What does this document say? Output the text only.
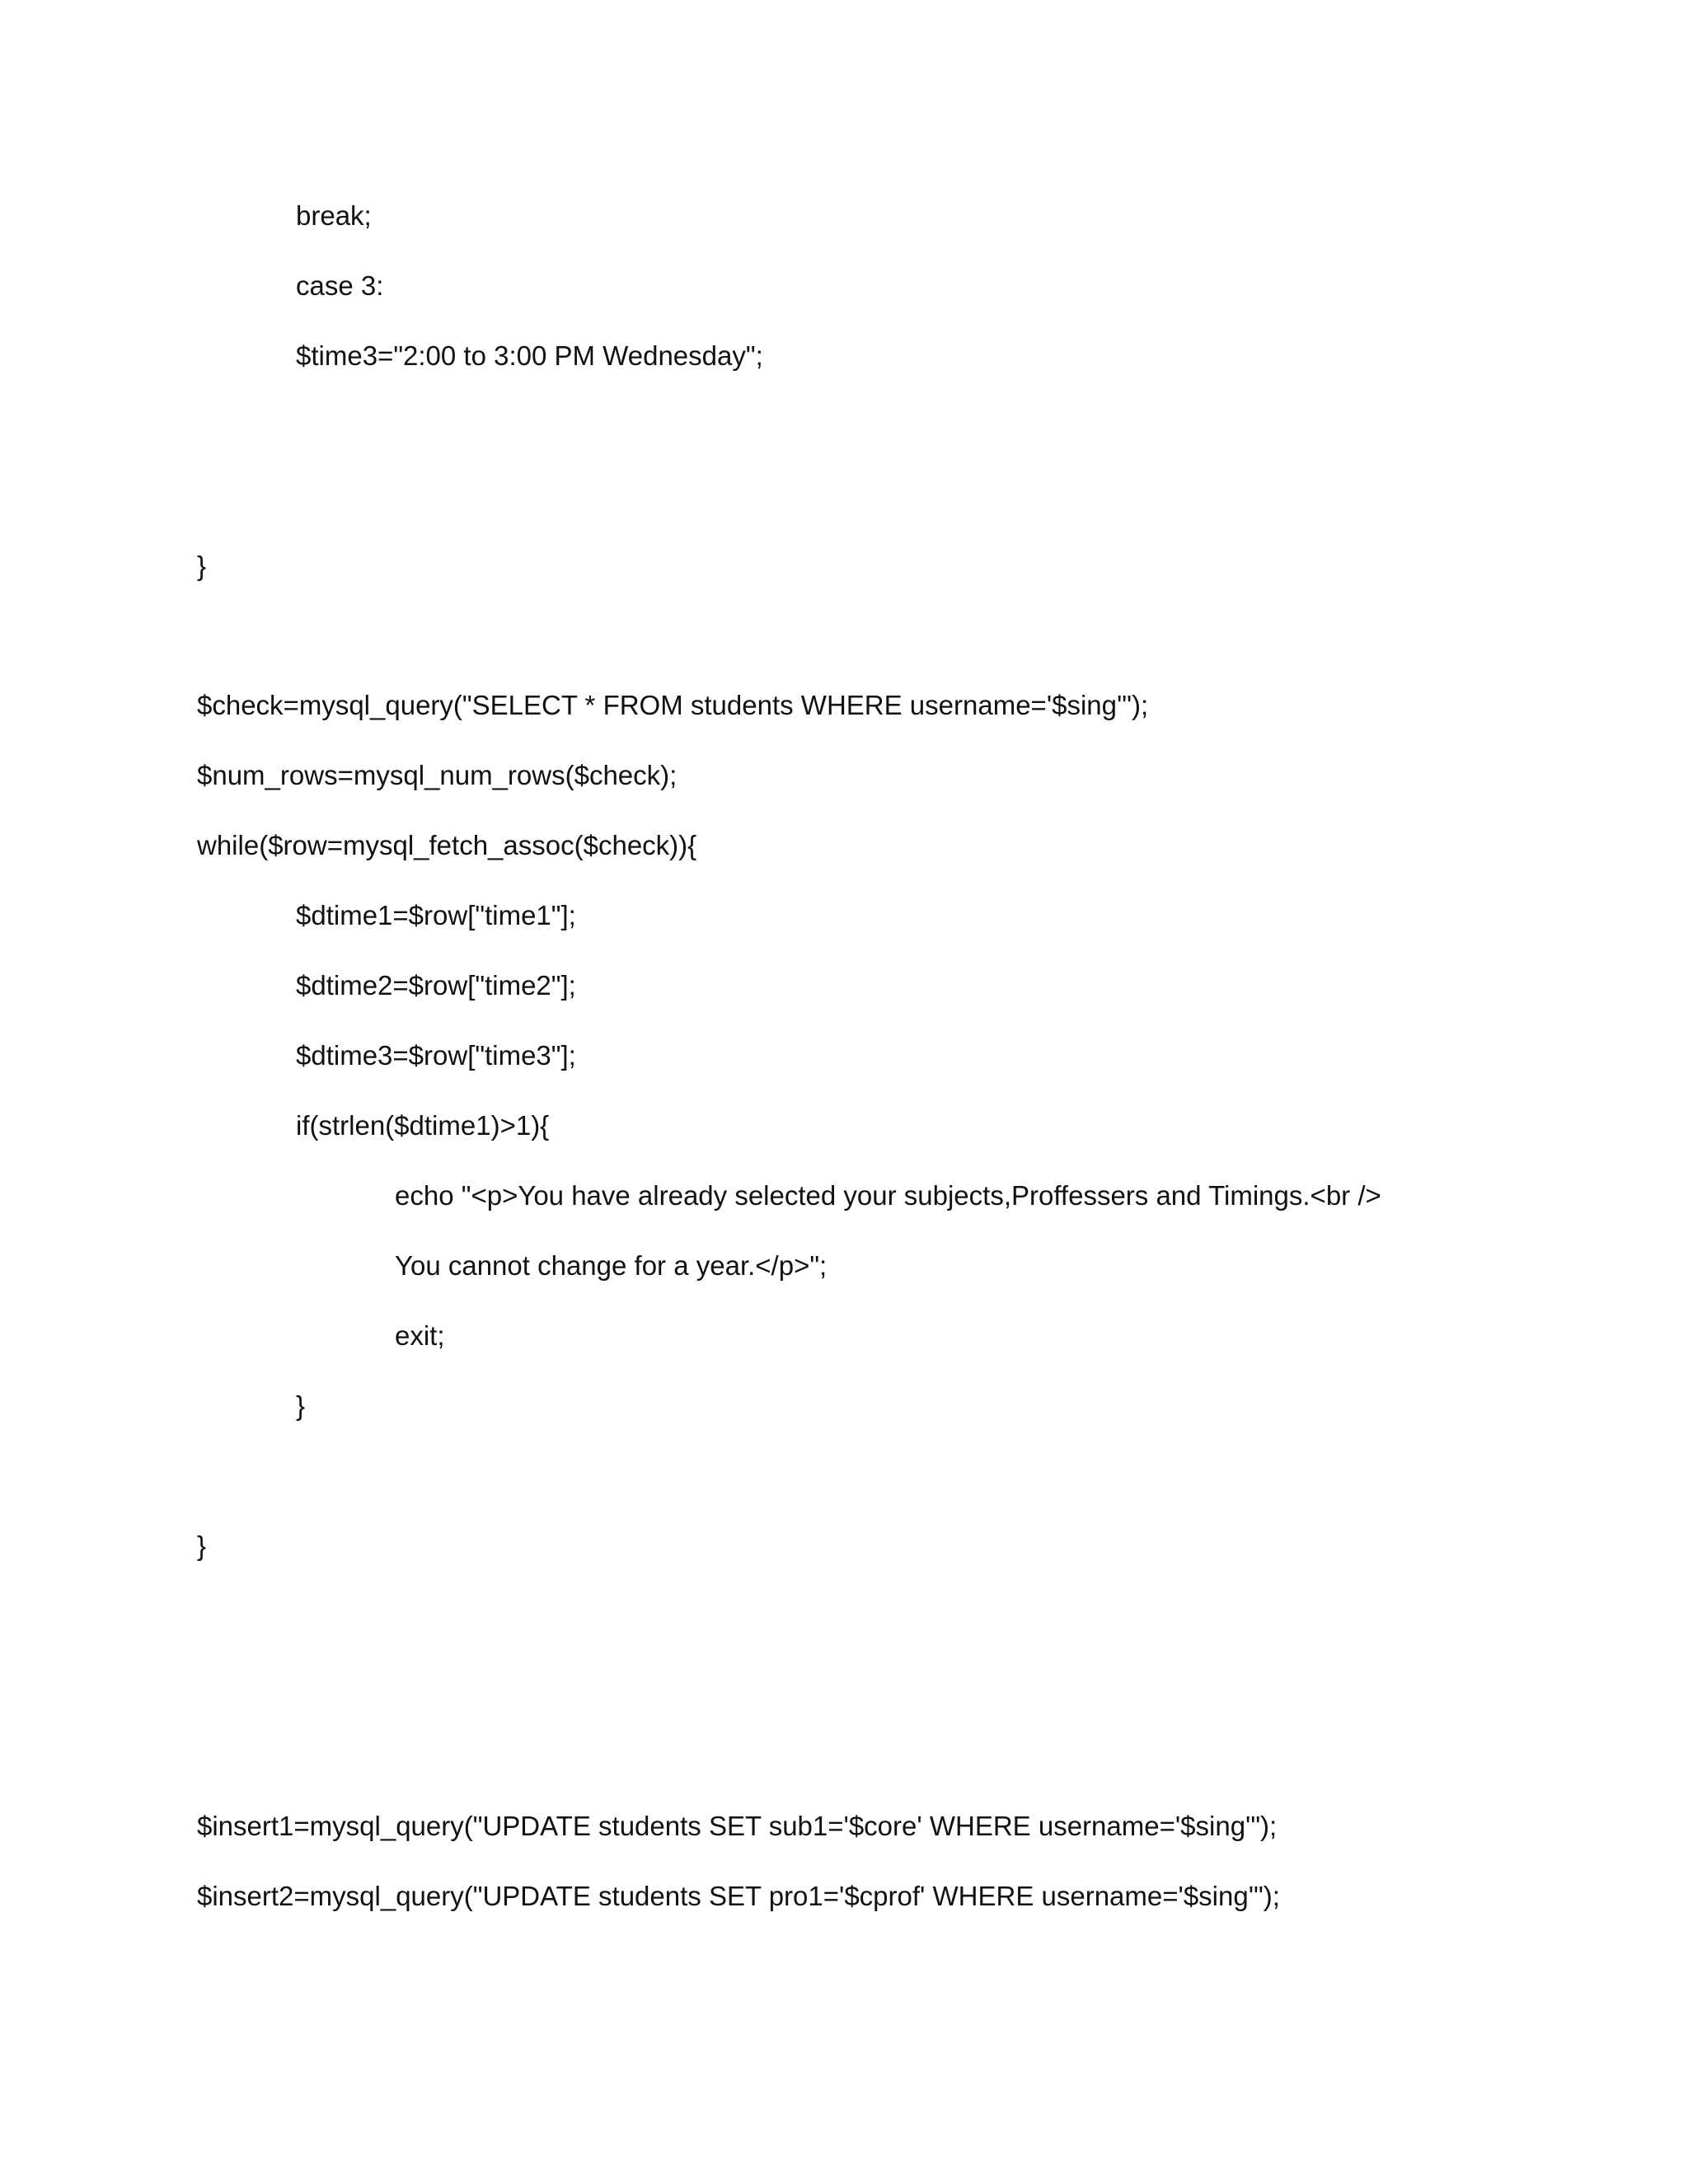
break;
case 3:
$time3="2:00 to 3:00 PM Wednesday";
}
$check=mysql_query("SELECT * FROM students WHERE username='$sing'");
$num_rows=mysql_num_rows($check);
while($row=mysql_fetch_assoc($check)){
$dtime1=$row["time1"];
$dtime2=$row["time2"];
$dtime3=$row["time3"];
if(strlen($dtime1)>1){
echo "<p>You have already selected your subjects,Proffessers and Timings.<br />
You cannot change for a year.</p>";
exit;
}
}
$insert1=mysql_query("UPDATE students SET sub1='$core' WHERE username='$sing'");
$insert2=mysql_query("UPDATE students SET pro1='$cprof' WHERE username='$sing'");
